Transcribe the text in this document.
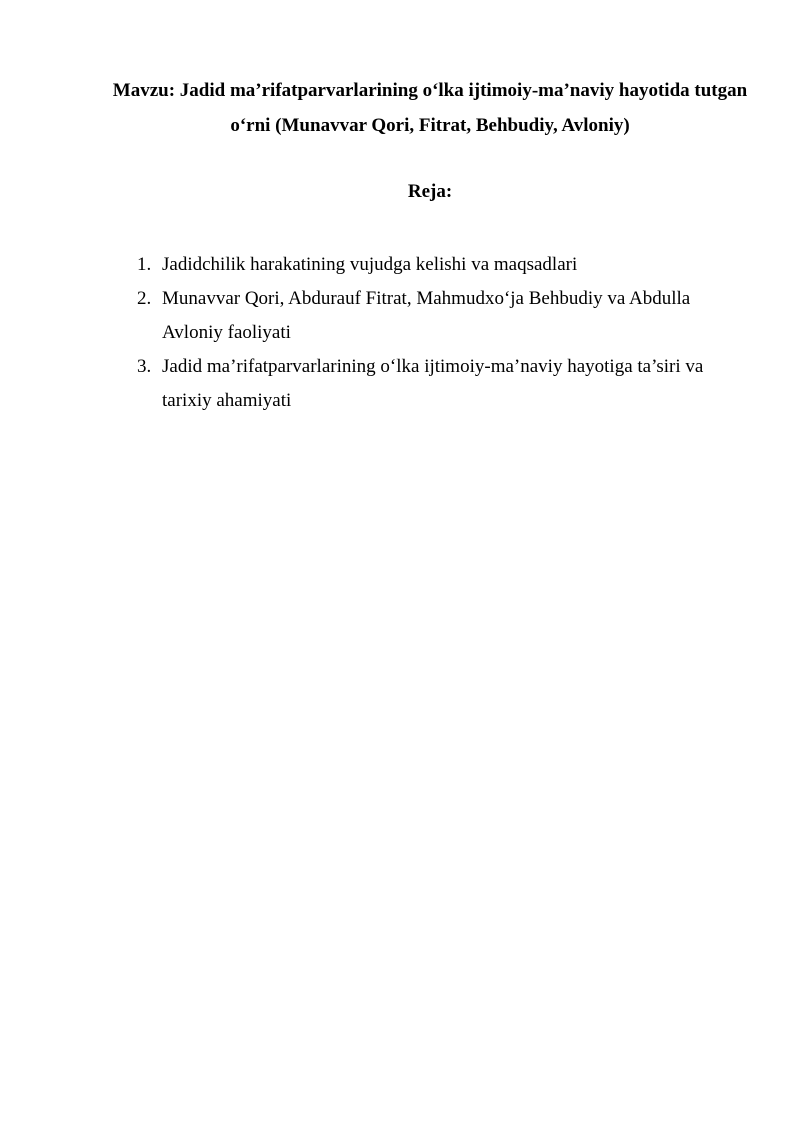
Mavzu: Jadid ma’rifatparvarlarining o‘lka ijtimoiy-ma’naviy hayotida tutgan o‘rni (Munavvar Qori, Fitrat, Behbudiy, Avloniy)
Reja:
1. Jadidchilik harakatining vujudga kelishi va maqsadlari
2. Munavvar Qori, Abdurauf Fitrat, Mahmudxo‘ja Behbudiy va Abdulla Avloniy faoliyati
3. Jadid ma’rifatparvarlarining o‘lka ijtimoiy-ma’naviy hayotiga ta’siri va tarixiy ahamiyati
